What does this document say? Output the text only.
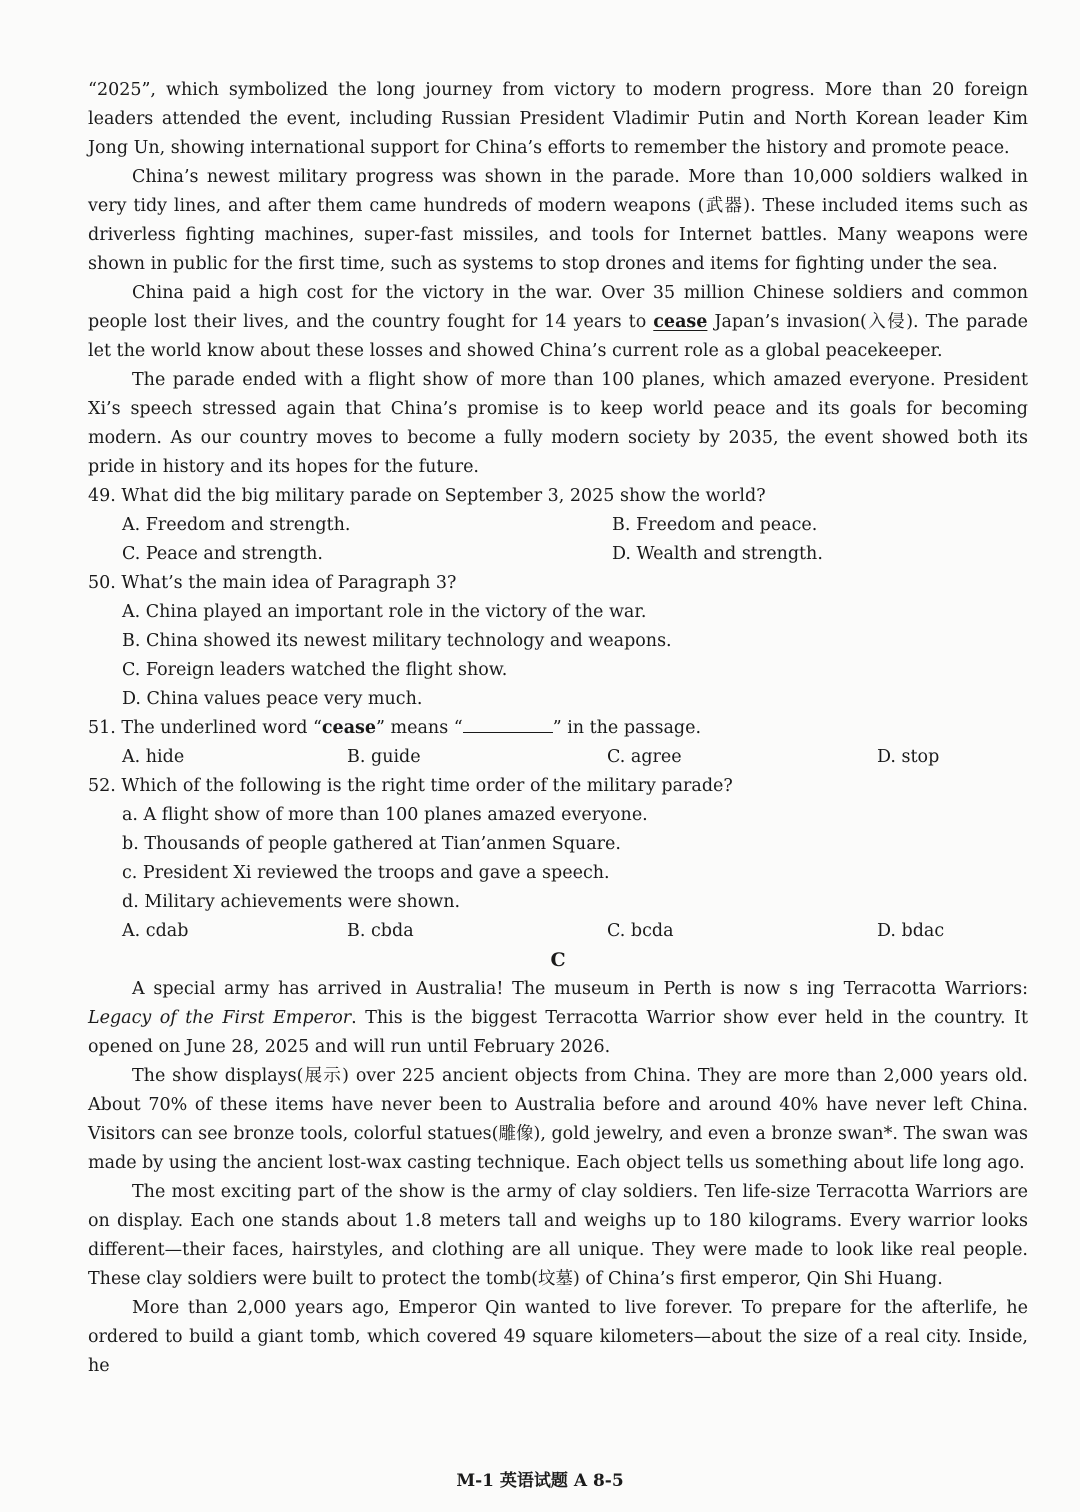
“2025”, which symbolized the long journey from victory to modern progress. More than 20 foreign leaders attended the event, including Russian President Vladimir Putin and North Korean leader Kim Jong Un, showing international support for China’s efforts to remember the history and promote peace.

China’s newest military progress was shown in the parade. More than 10,000 soldiers walked in very tidy lines, and after them came hundreds of modern weapons (武器). These included items such as driverless fighting machines, super-fast missiles, and tools for Internet battles. Many weapons were shown in public for the first time, such as systems to stop drones and items for fighting under the sea.

China paid a high cost for the victory in the war. Over 35 million Chinese soldiers and common people lost their lives, and the country fought for 14 years to cease Japan’s invasion(入侵). The parade let the world know about these losses and showed China’s current role as a global peacekeeper.

The parade ended with a flight show of more than 100 planes, which amazed everyone. President Xi’s speech stressed again that China’s promise is to keep world peace and its goals for becoming modern. As our country moves to become a fully modern society by 2035, the event showed both its pride in history and its hopes for the future.

49. What did the big military parade on September 3, 2025 show the world?

A. Freedom and strength.	B. Freedom and peace.
C. Peace and strength.	D. Wealth and strength.

50. What’s the main idea of Paragraph 3?

A. China played an important role in the victory of the war.

B. China showed its newest military technology and weapons.

C. Foreign leaders watched the flight show.

D. China values peace very much.

51. The underlined word “cease” means “	” in the passage.

A. hide	B. guide	C. agree	D. stop

52. Which of the following is the right time order of the military parade?

a. A flight show of more than 100 planes amazed everyone.

b. Thousands of people gathered at Tian’anmen Square.

c. President Xi reviewed the troops and gave a speech.

d. Military achievements were shown.

A. cdab	B. cbda	C. bcda	D. bdac

C

A special army has arrived in Australia! The museum in Perth is now s ing Terracotta Warriors: Legacy of the First Emperor. This is the biggest Terracotta Warrior show ever held in the country. It opened on June 28, 2025 and will run until February 2026.

The show displays(展示) over 225 ancient objects from China. They are more than 2,000 years old. About 70% of these items have never been to Australia before and around 40% have never left China. Visitors can see bronze tools, colorful statues(雕像), gold jewelry, and even a bronze swan*. The swan was made by using the ancient lost-wax casting technique. Each object tells us something about life long ago.

The most exciting part of the show is the army of clay soldiers. Ten life-size Terracotta Warriors are on display. Each one stands about 1.8 meters tall and weighs up to 180 kilograms. Every warrior looks different—their faces, hairstyles, and clothing are all unique. They were made to look like real people. These clay soldiers were built to protect the tomb(坟墓) of China’s first emperor, Qin Shi Huang.

More than 2,000 years ago, Emperor Qin wanted to live forever. To prepare for the afterlife, he ordered to build a giant tomb, which covered 49 square kilometers—about the size of a real city. Inside, he

M-1 英语试题 A 8-5
